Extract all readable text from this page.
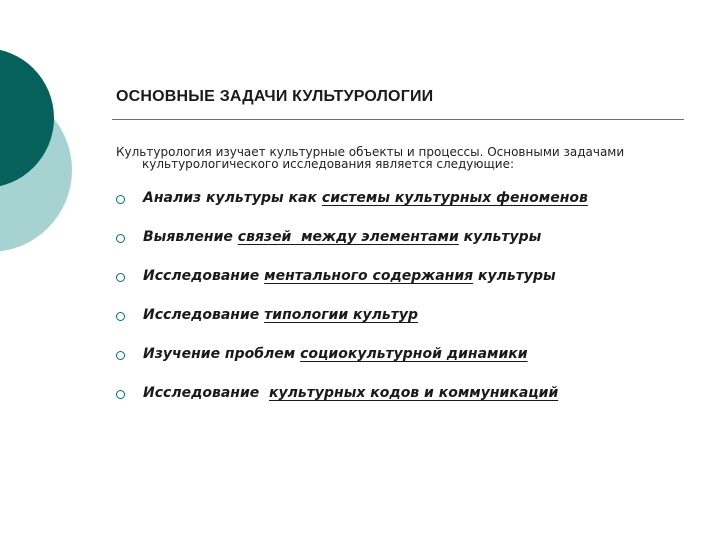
ОСНОВНЫЕ ЗАДАЧИ КУЛЬТУРОЛОГИИ

Культурология изучает культурные объекты и процессы. Основными задачами культурологического исследования является следующие:

Анализ культуры как системы культурных феноменов
Выявление связей  между элементами культуры
Исследование ментального содержания культуры
Исследование типологии культур
Изучение проблем социокультурной динамики
Исследование  культурных кодов и коммуникаций
